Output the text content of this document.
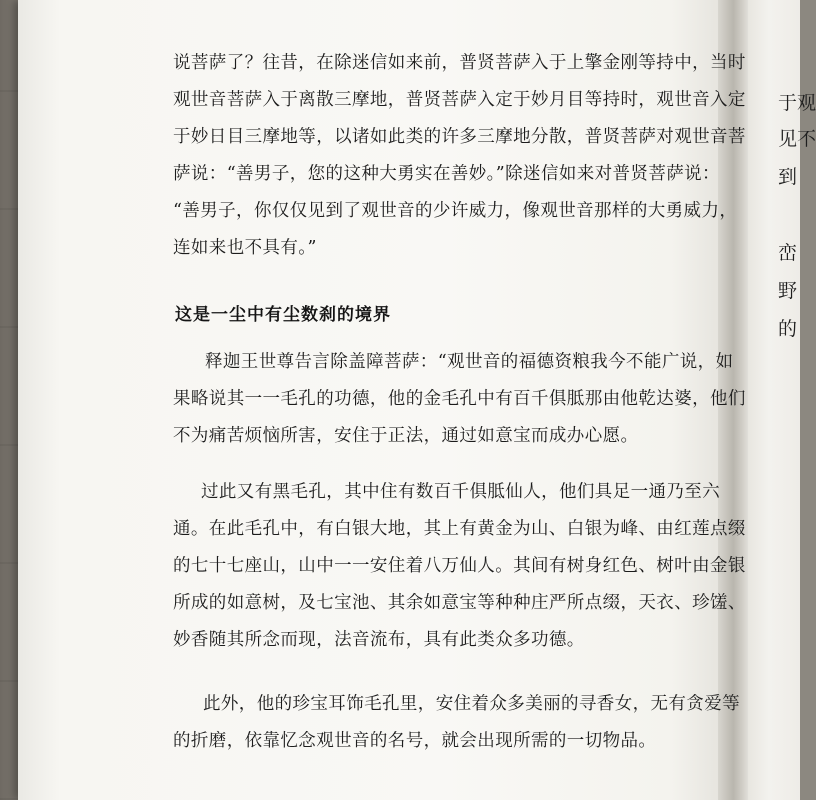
说菩萨了？往昔，在除迷信如来前，普贤菩萨入于上擎金刚等持中，当时
观世音菩萨入于离散三摩地，普贤菩萨入定于妙月目等持时，观世音入定
于妙日目三摩地等，以诸如此类的许多三摩地分散，普贤菩萨对观世音菩
萨说：“善男子，您的这种大勇实在善妙。”除迷信如来对普贤菩萨说：
“善男子，你仅仅见到了观世音的少许威力，像观世音那样的大勇威力，
连如来也不具有。”

这是一尘中有尘数刹的境界

释迦王世尊告言除盖障菩萨：“观世音的福德资粮我今不能广说，如
果略说其一一毛孔的功德，他的金毛孔中有百千俱胝那由他乾达婆，他们
不为痛苦烦恼所害，安住于正法，通过如意宝而成办心愿。

过此又有黑毛孔，其中住有数百千俱胝仙人，他们具足一通乃至六
通。在此毛孔中，有白银大地，其上有黄金为山、白银为峰、由红莲点缀
的七十七座山，山中一一安住着八万仙人。其间有树身红色、树叶由金银
所成的如意树，及七宝池、其余如意宝等种种庄严所点缀，天衣、珍馐、
妙香随其所念而现，法音流布，具有此类众多功德。

此外，他的珍宝耳饰毛孔里，安住着众多美丽的寻香女，无有贪爱等
的折磨，依靠忆念观世音的名号，就会出现所需的一切物品。

于观
见不
到
峦
野
的
